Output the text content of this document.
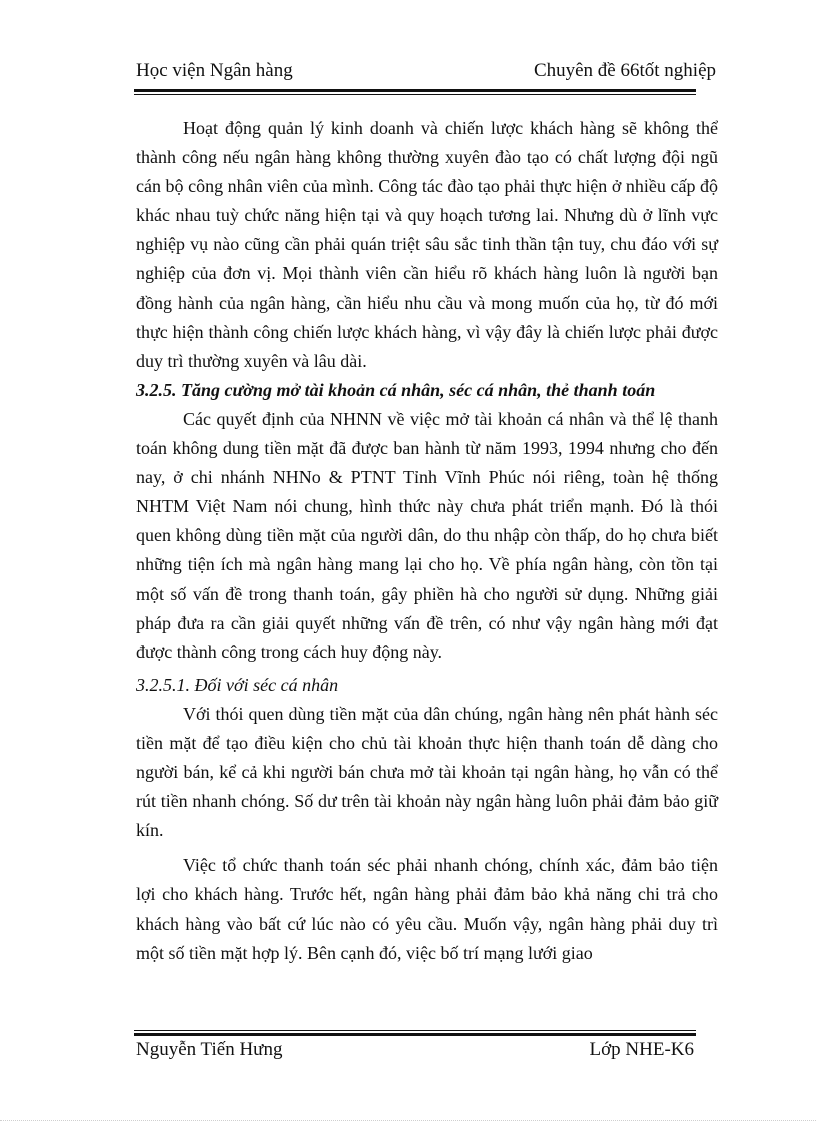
Học viện Ngân hàng	Chuyên đề 66tốt nghiệp

Hoạt động quản lý kinh doanh và chiến lược khách hàng sẽ không thể thành công nếu ngân hàng không thường xuyên đào tạo có chất lượng đội ngũ cán bộ công nhân viên của mình. Công tác đào tạo phải thực hiện ở nhiều cấp độ khác nhau tuỳ chức năng hiện tại và quy hoạch tương lai. Nhưng dù ở lĩnh vực nghiệp vụ nào cũng cần phải quán triệt sâu sắc tinh thần tận tuy, chu đáo với sự nghiệp của đơn vị. Mọi thành viên cần hiểu rõ khách hàng luôn là người bạn đồng hành của ngân hàng, cần hiểu nhu cầu và mong muốn của họ, từ đó mới thực hiện thành công chiến lược khách hàng, vì vậy đây là chiến lược phải được duy trì thường xuyên và lâu dài.

3.2.5. Tăng cường mở tài khoản cá nhân, séc cá nhân, thẻ thanh toán

Các quyết định của NHNN về việc mở tài khoản cá nhân và thể lệ thanh toán không dung tiền mặt đã được ban hành từ năm 1993, 1994 nhưng cho đến nay, ở chi nhánh NHNo & PTNT Tỉnh Vĩnh Phúc nói riêng, toàn hệ thống NHTM Việt Nam nói chung, hình thức này chưa phát triển mạnh. Đó là thói quen không dùng tiền mặt của người dân, do thu nhập còn thấp, do họ chưa biết những tiện ích mà ngân hàng mang lại cho họ. Về phía ngân hàng, còn tồn tại một số vấn đề trong thanh toán, gây phiền hà cho người sử dụng. Những giải pháp đưa ra cần giải quyết những vấn đề trên, có như vậy ngân hàng mới đạt được thành công trong cách huy động này.

3.2.5.1. Đối với séc cá nhân

Với thói quen dùng tiền mặt của dân chúng, ngân hàng nên phát hành séc tiền mặt để tạo điều kiện cho chủ tài khoản thực hiện thanh toán dễ dàng cho người bán, kể cả khi người bán chưa mở tài khoản tại ngân hàng, họ vẫn có thể rút tiền nhanh chóng. Số dư trên tài khoản này ngân hàng luôn phải đảm bảo giữ kín.

Việc tổ chức thanh toán séc phải nhanh chóng, chính xác, đảm bảo tiện lợi cho khách hàng. Trước hết, ngân hàng phải đảm bảo khả năng chi trả cho khách hàng vào bất cứ lúc nào có yêu cầu. Muốn vậy, ngân hàng phải duy trì một số tiền mặt hợp lý. Bên cạnh đó, việc bố trí mạng lưới giao

Nguyễn Tiến Hưng	Lớp NHE-K6
